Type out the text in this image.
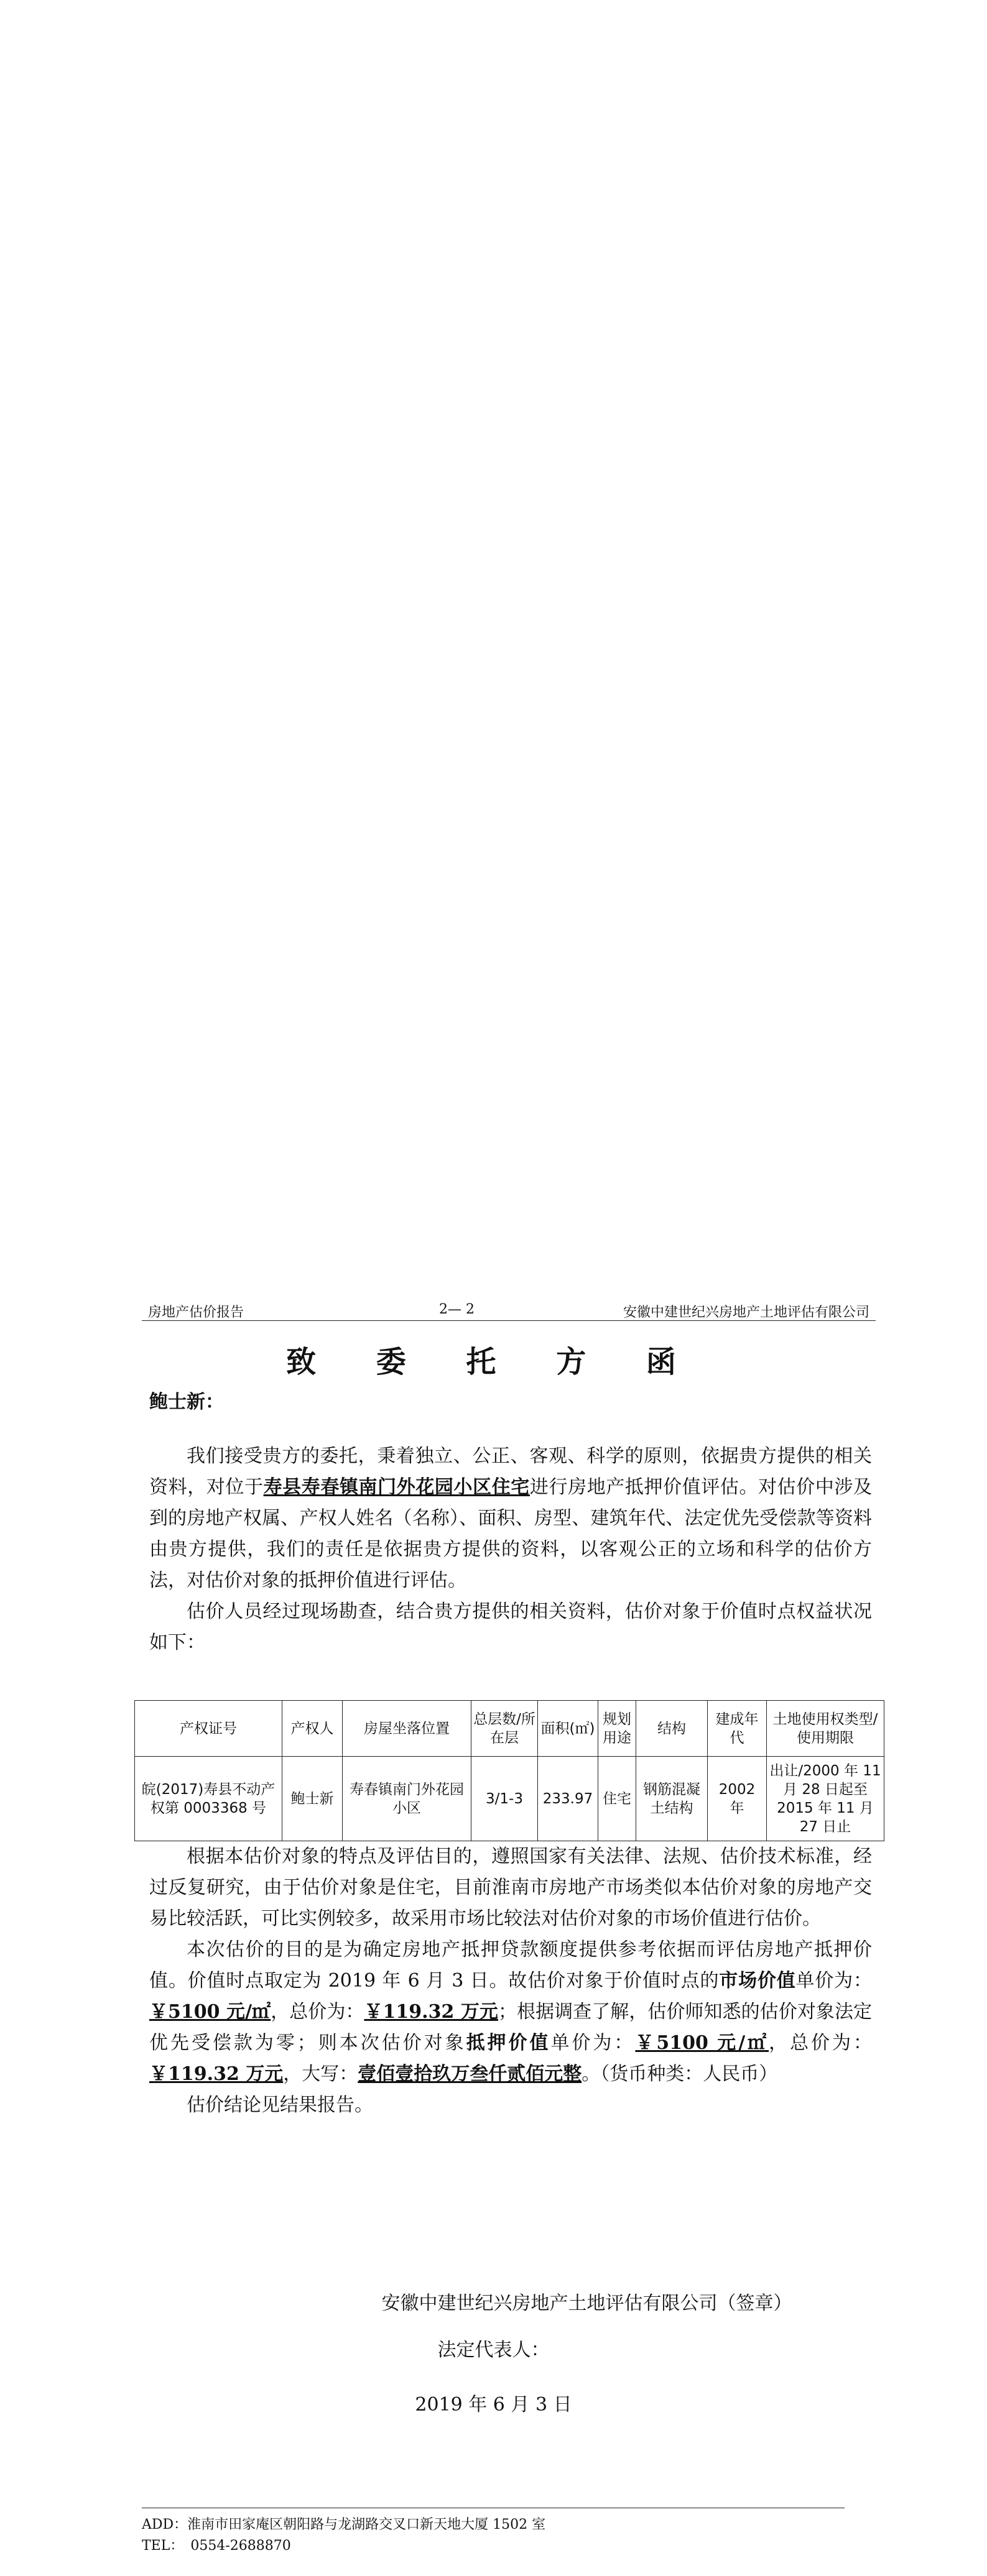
房地产估价报告	2— 2	安徽中建世纪兴房地产土地评估有限公司
致 委 托 方 函
鲍士新：

我们接受贵方的委托，秉着独立、公正、客观、科学的原则，依据贵方提供的相关资料，对位于寿县寿春镇南门外花园小区住宅进行房地产抵押价值评估。对估价中涉及到的房地产权属、产权人姓名（名称）、面积、房型、建筑年代、法定优先受偿款等资料由贵方提供，我们的责任是依据贵方提供的资料，以客观公正的立场和科学的估价方法，对估价对象的抵押价值进行评估。

估价人员经过现场勘查，结合贵方提供的相关资料，估价对象于价值时点权益状况如下：

产权证号	产权人	房屋坐落位置	总层数/所在层	面积(㎡)	规划用途	结构	建成年代	土地使用权类型/使用期限
皖(2017)寿县不动产权第 0003368 号	鲍士新	寿春镇南门外花园小区	3/1-3	233.97	住宅	钢筋混凝土结构	2002 年	出让/2000 年 11 月 28 日起至 2015 年 11 月 27 日止

根据本估价对象的特点及评估目的，遵照国家有关法律、法规、估价技术标准，经过反复研究，由于估价对象是住宅，目前淮南市房地产市场类似本估价对象的房地产交易比较活跃，可比实例较多，故采用市场比较法对估价对象的市场价值进行估价。

本次估价的目的是为确定房地产抵押贷款额度提供参考依据而评估房地产抵押价值。价值时点取定为 2019 年 6 月 3 日。故估价对象于价值时点的市场价值单价为：￥5100 元/㎡，总价为：￥119.32 万元；根据调查了解，估价师知悉的估价对象法定优先受偿款为零；则本次估价对象抵押价值单价为：￥5100 元/㎡，总价为：￥119.32 万元，大写：壹佰壹拾玖万叁仟贰佰元整。（货币种类：人民币）

估价结论见结果报告。

安徽中建世纪兴房地产土地评估有限公司（签章）
法定代表人：
2019 年 6 月 3 日
ADD：淮南市田家庵区朝阳路与龙湖路交叉口新天地大厦 1502 室
TEL：　0554-2688870
